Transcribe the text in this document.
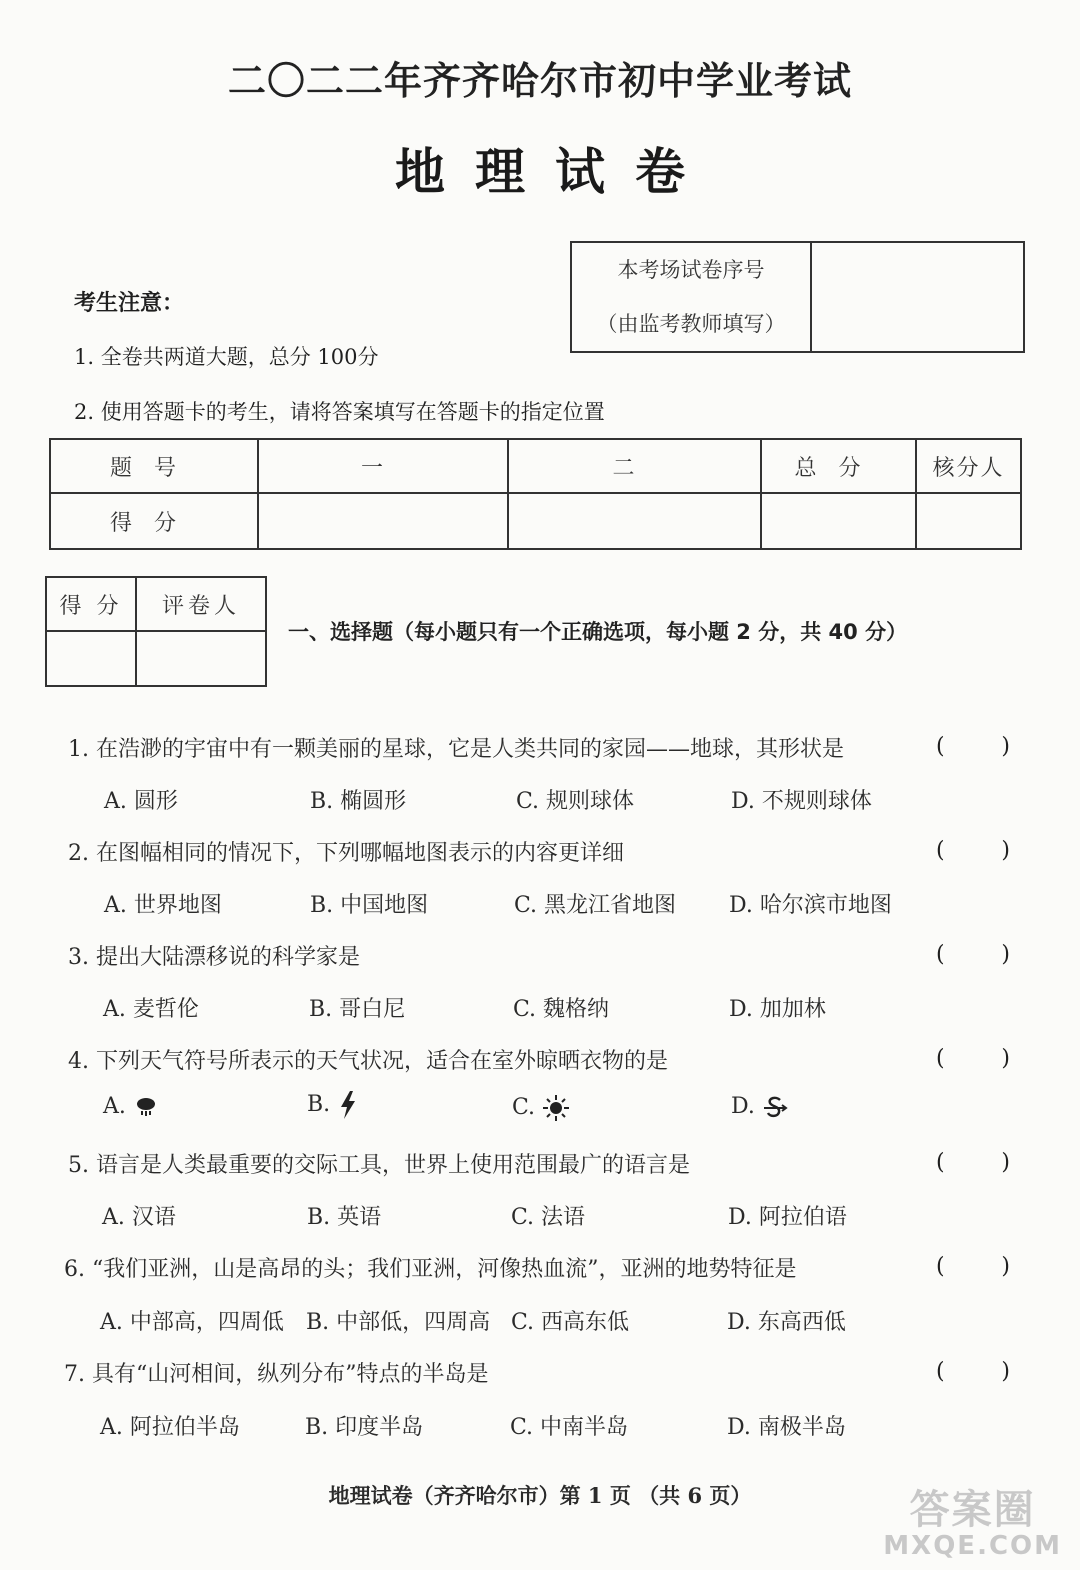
二〇二二年齐齐哈尔市初中学业考试
地理试卷
本考场试卷序号
（由监考教师填写）

考生注意：
1. 全卷共两道大题，总分 100分
2. 使用答题卡的考生，请将答案填写在答题卡的指定位置
题号	一	二	总分	核分人
得分				
得 分	评卷人

一、选择题（每小题只有一个正确选项，每小题 2 分，共 40 分）
1. 在浩渺的宇宙中有一颗美丽的星球，它是人类共同的家园——地球，其形状是	(	)
A. 圆形	B. 椭圆形	C. 规则球体	D. 不规则球体
2. 在图幅相同的情况下，下列哪幅地图表示的内容更详细	(	)
A. 世界地图	B. 中国地图	C. 黑龙江省地图 D. 哈尔滨市地图
3. 提出大陆漂移说的科学家是	(	)
A. 麦哲伦	B. 哥白尼	C. 魏格纳	D. 加加林
4. 下列天气符号所表示的天气状况，适合在室外晾晒衣物的是	(	)
A.	B.	C.	D.
5. 语言是人类最重要的交际工具，世界上使用范围最广的语言是	(	)
A. 汉语	B. 英语	C. 法语	D. 阿拉伯语
6. “我们亚洲，山是高昂的头；我们亚洲，河像热血流”，亚洲的地势特征是	(	)
A. 中部高，四周低 B. 中部低，四周高 C. 西高东低	D. 东高西低
7. 具有“山河相间，纵列分布”特点的半岛是	(	)
A. 阿拉伯半岛	B. 印度半岛	C. 中南半岛	D. 南极半岛
地理试卷（齐齐哈尔市）第 1 页 （共 6 页）	答案圈
MXQE.COM
